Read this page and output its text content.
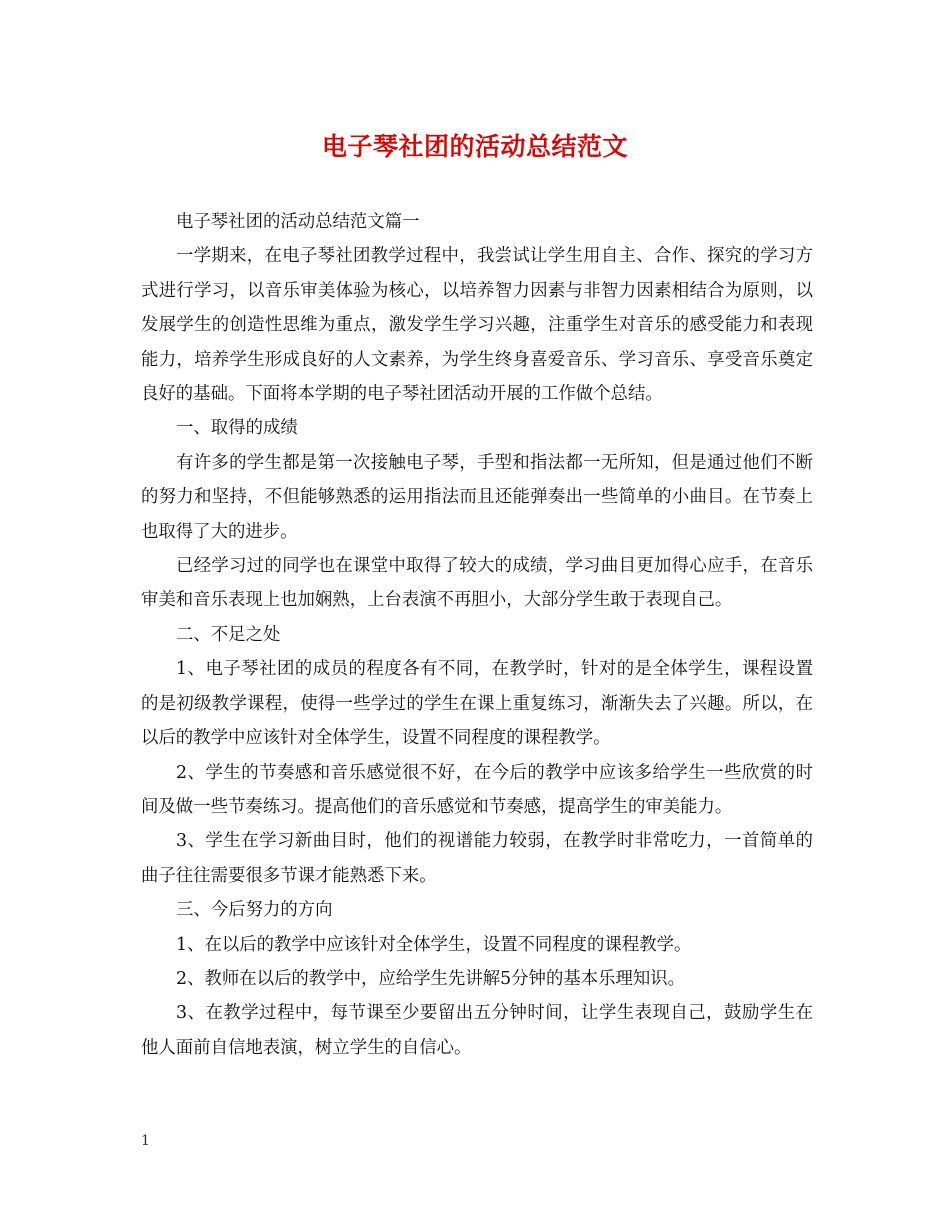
电子琴社团的活动总结范文

电子琴社团的活动总结范文篇一

一学期来，在电子琴社团教学过程中，我尝试让学生用自主、合作、探究的学习方式进行学习，以音乐审美体验为核心，以培养智力因素与非智力因素相结合为原则，以发展学生的创造性思维为重点，激发学生学习兴趣，注重学生对音乐的感受能力和表现能力，培养学生形成良好的人文素养，为学生终身喜爱音乐、学习音乐、享受音乐奠定良好的基础。下面将本学期的电子琴社团活动开展的工作做个总结。

一、取得的成绩

有许多的学生都是第一次接触电子琴，手型和指法都一无所知，但是通过他们不断的努力和坚持，不但能够熟悉的运用指法而且还能弹奏出一些简单的小曲目。在节奏上也取得了大的进步。

已经学习过的同学也在课堂中取得了较大的成绩，学习曲目更加得心应手，在音乐审美和音乐表现上也加娴熟，上台表演不再胆小，大部分学生敢于表现自己。

二、不足之处

1、电子琴社团的成员的程度各有不同，在教学时，针对的是全体学生，课程设置的是初级教学课程，使得一些学过的学生在课上重复练习，渐渐失去了兴趣。所以，在以后的教学中应该针对全体学生，设置不同程度的课程教学。

2、学生的节奏感和音乐感觉很不好，在今后的教学中应该多给学生一些欣赏的时间及做一些节奏练习。提高他们的音乐感觉和节奏感，提高学生的审美能力。

3、学生在学习新曲目时，他们的视谱能力较弱，在教学时非常吃力，一首简单的曲子往往需要很多节课才能熟悉下来。

三、今后努力的方向

1、在以后的教学中应该针对全体学生，设置不同程度的课程教学。

2、教师在以后的教学中，应给学生先讲解5分钟的基本乐理知识。

3、在教学过程中，每节课至少要留出五分钟时间，让学生表现自己，鼓励学生在他人面前自信地表演，树立学生的自信心。

1
